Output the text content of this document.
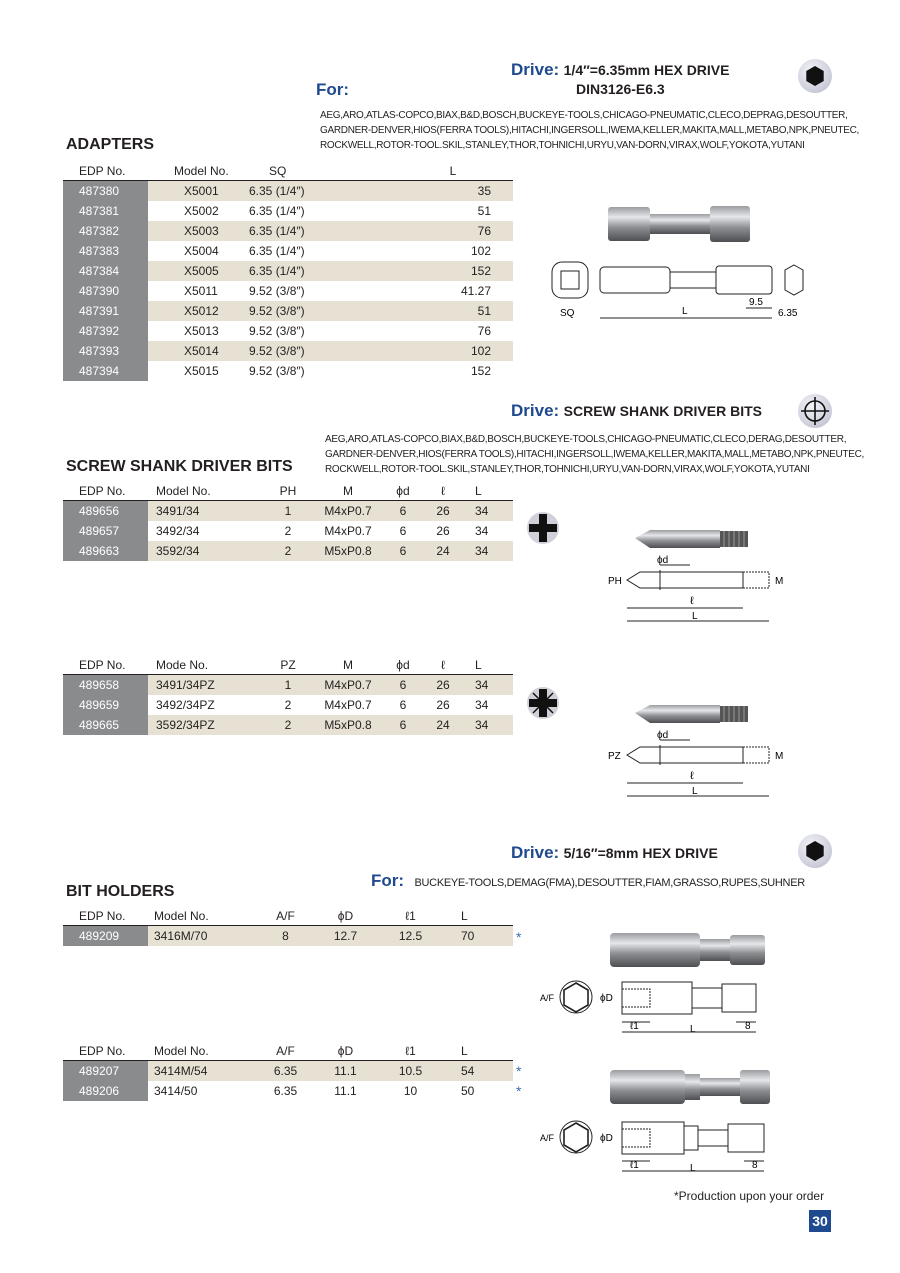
Drive: 1/4″=6.35mm HEX DRIVE
DIN3126-E6.3
For:
AEG,ARO,ATLAS-COPCO,BIAX,B&D,BOSCH,BUCKEYE-TOOLS,CHICAGO-PNEUMATIC,CLECO,DEPRAG,DESOUTTER,
GARDNER-DENVER,HIOS(FERRA TOOLS),HITACHI,INGERSOLL,IWEMA,KELLER,MAKITA,MALL,METABO,NPK,PNEUTEC,
ROCKWELL,ROTOR-TOOL.SKIL,STANLEY,THOR,TOHNICHI,URYU,VAN-DORN,VIRAX,WOLF,YOKOTA,YUTANI
ADAPTERS
EDP No.	Model No.	SQ	L
487380	X5001	6.35 (1/4″)	35
487381	X5002	6.35 (1/4″)	51
487382	X5003	6.35 (1/4″)	76
487383	X5004	6.35 (1/4″)	102
487384	X5005	6.35 (1/4″)	152
487390	X5011	9.52 (3/8″)	41.27
487391	X5012	9.52 (3/8″)	51
487392	X5013	9.52 (3/8″)	76
487393	X5014	9.52 (3/8″)	102
487394	X5015	9.52 (3/8″)	152
SQ	L
9.5
6.35
Drive: SCREW SHANK DRIVER BITS
AEG,ARO,ATLAS-COPCO,BIAX,B&D,BOSCH,BUCKEYE-TOOLS,CHICAGO-PNEUMATIC,CLECO,DERAG,DESOUTTER,
GARDNER-DENVER,HIOS(FERRA TOOLS),HITACHI,INGERSOLL,IWEMA,KELLER,MAKITA,MALL,METABO,NPK,PNEUTEC,
ROCKWELL,ROTOR-TOOL.SKIL,STANLEY,THOR,TOHNICHI,URYU,VAN-DORN,VIRAX,WOLF,YOKOTA,YUTANI
SCREW SHANK DRIVER BITS
EDP No.	Model No.	PH	M	ϕd	ℓ	L
489656	3491/34	1	M4xP0.7	6	26	34
489657	3492/34	2	M4xP0.7	6	26	34
489663	3592/34	2	M5xP0.8	6	24	34
EDP No.	Mode No.	PZ	M	ϕd	ℓ	L
489658	3491/34PZ	1	M4xP0.7	6	26	34
489659	3492/34PZ	2	M4xP0.7	6	26	34
489665	3592/34PZ	2	M5xP0.8	6	24	34
PH	M
ϕd
ℓ
L
PZ	M
ϕd
ℓ
L
Drive: 5/16″=8mm HEX DRIVE
For: BUCKEYE-TOOLS,DEMAG(FMA),DESOUTTER,FIAM,GRASSO,RUPES,SUHNER
BIT HOLDERS
EDP No.	Model No.	A/F	ϕD	ℓ1	L
489209	3416M/70	8	12.7	12.5	70
EDP No.	Model No.	A/F	ϕD	ℓ1	L
489207	3414M/54	6.35	11.1	10.5	54
489206	3414/50	6.35	11.1	10	50
*
*
*
A/F	ϕD
ℓ1	L	8
A/F	ϕD
ℓ1	L	8
*Production upon your order
30
